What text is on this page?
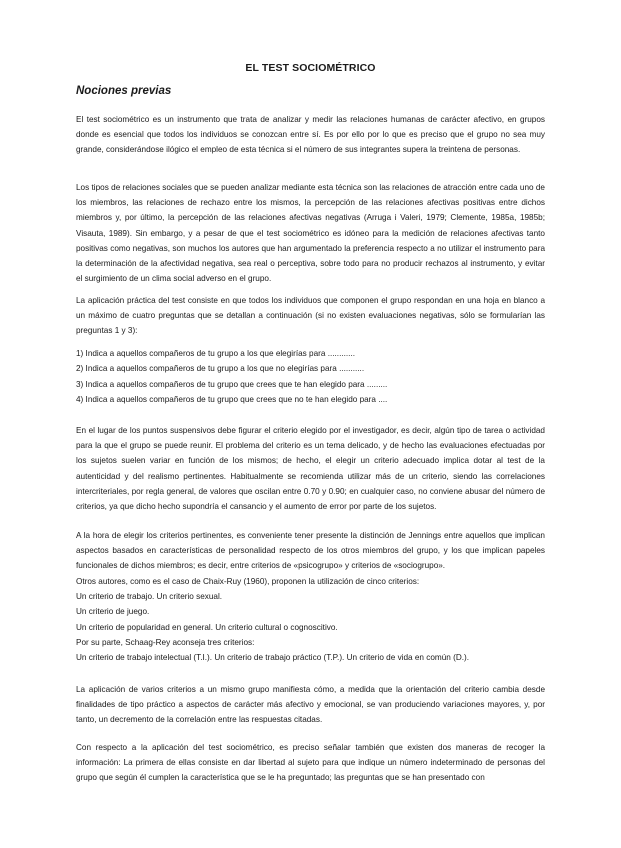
EL TEST SOCIOMÉTRICO
Nociones previas
El test sociométrico es un instrumento que trata de analizar y medir las relaciones humanas de carácter afectivo, en grupos donde es esencial que todos los individuos se conozcan entre sí. Es por ello por lo que es preciso que el grupo no sea muy grande, considerándose ilógico el empleo de esta técnica si el número de sus integrantes supera la treintena de personas.
Los tipos de relaciones sociales que se pueden analizar mediante esta técnica son las relaciones de atracción entre cada uno de los miembros, las relaciones de rechazo entre los mismos, la percepción de las relaciones afectivas positivas entre dichos miembros y, por último, la percepción de las relaciones afectivas negativas (Arruga i Valeri, 1979; Clemente, 1985a, 1985b; Visauta, 1989). Sin embargo, y a pesar de que el test sociométrico es idóneo para la medición de relaciones afectivas tanto positivas como negativas, son muchos los autores que han argumentado la preferencia respecto a no utilizar el instrumento para la determinación de la afectividad negativa, sea real o perceptiva, sobre todo para no producir rechazos al instrumento, y evitar el surgimiento de un clima social adverso en el grupo.
La aplicación práctica del test consiste en que todos los individuos que componen el grupo respondan en una hoja en blanco a un máximo de cuatro preguntas que se detallan a continuación (si no existen evaluaciones negativas, sólo se formularían las preguntas 1 y 3):
1) Indica a aquellos compañeros de tu grupo a los que elegirías para ............
2) Indica a aquellos compañeros de tu grupo a los que no elegirías para ...........
3) Indica a aquellos compañeros de tu grupo que crees que te han elegido para .........
4) Indica a aquellos compañeros de tu grupo que crees que no te han elegido para ....
En el lugar de los puntos suspensivos debe figurar el criterio elegido por el investigador, es decir, algún tipo de tarea o actividad para la que el grupo se puede reunir. El problema del criterio es un tema delicado, y de hecho las evaluaciones efectuadas por los sujetos suelen variar en función de los mismos; de hecho, el elegir un criterio adecuado implica dotar al test de la autenticidad y del realismo pertinentes. Habitualmente se recomienda utilizar más de un criterio, siendo las correlaciones intercriteriales, por regla general, de valores que oscilan entre 0.70 y 0.90; en cualquier caso, no conviene abusar del número de criterios, ya que dicho hecho supondría el cansancio y el aumento de error por parte de los sujetos.
A la hora de elegir los criterios pertinentes, es conveniente tener presente la distinción de Jennings entre aquellos que implican aspectos basados en características de personalidad respecto de los otros miembros del grupo, y los que implican papeles funcionales de dichos miembros; es decir, entre criterios de «psicogrupo» y criterios de «sociogrupo».
Otros autores, como es el caso de Chaix-Ruy (1960), proponen la utilización de cinco criterios:
Un criterio de trabajo. Un criterio sexual.
Un criterio de juego.
Un criterio de popularidad en general. Un criterio cultural o cognoscitivo.
Por su parte, Schaag-Rey aconseja tres criterios:
Un criterio de trabajo intelectual (T.I.). Un criterio de trabajo práctico (T.P.). Un criterio de vida en común (D.).
La aplicación de varios criterios a un mismo grupo manifiesta cómo, a medida que la orientación del criterio cambia desde finalidades de tipo práctico a aspectos de carácter más afectivo y emocional, se van produciendo variaciones mayores, y, por tanto, un decremento de la correlación entre las respuestas citadas.
Con respecto a la aplicación del test sociométrico, es preciso señalar también que existen dos maneras de recoger la información: La primera de ellas consiste en dar libertad al sujeto para que indique un número indeterminado de personas del grupo que según él cumplen la característica que se le ha preguntado; las preguntas que se han presentado con
